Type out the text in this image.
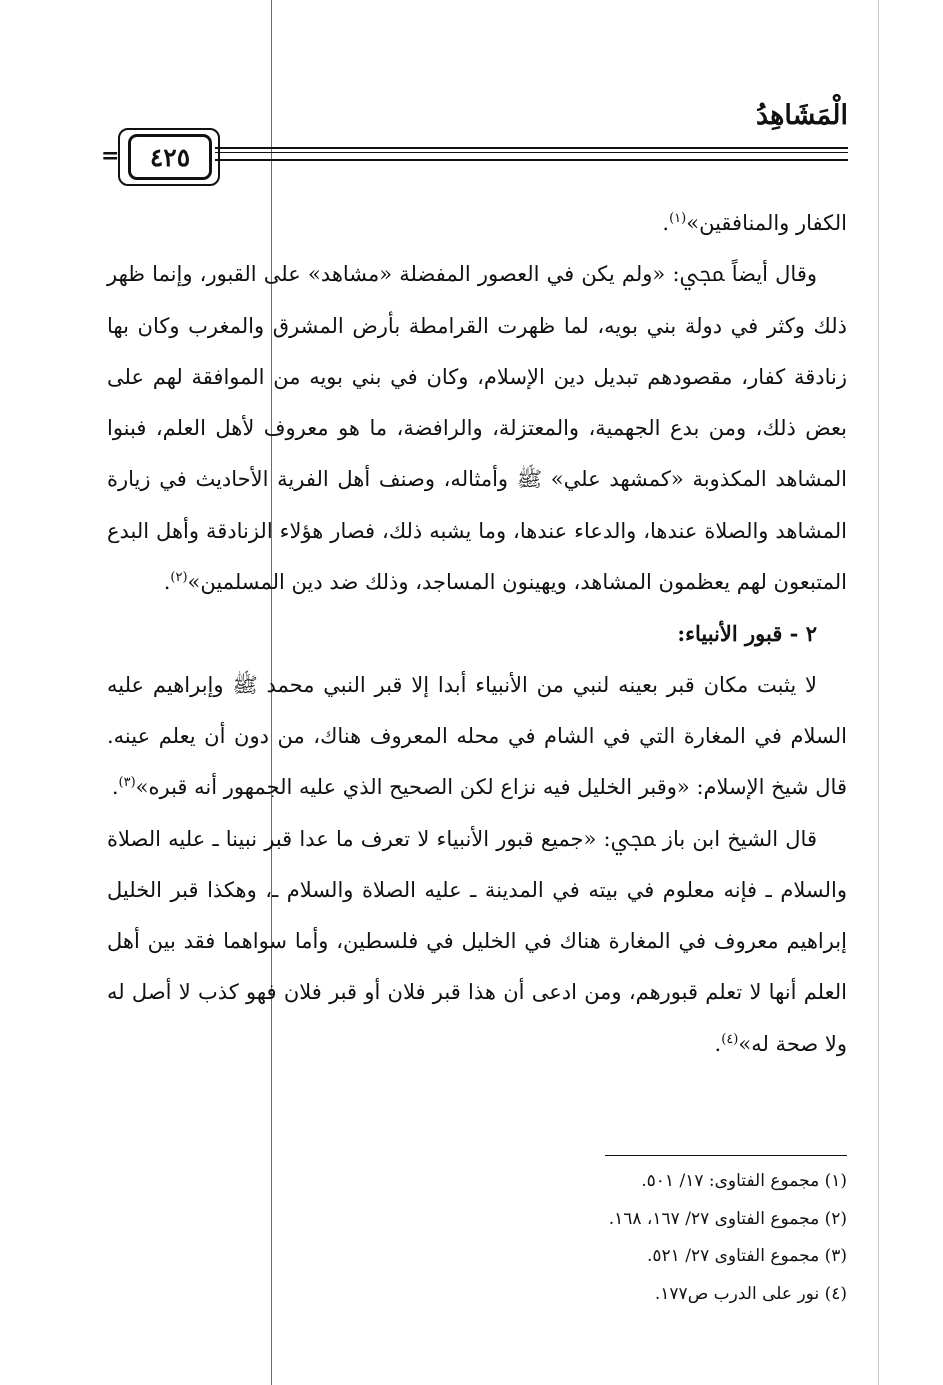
الْمَشَاهِدُ
٤٢٥
=

الكفار والمنافقين»$^{(١)}$.

وقال أيضاً ﷀ: «ولم يكن في العصور المفضلة «مشاهد» على القبور، وإنما ظهر ذلك وكثر في دولة بني بويه، لما ظهرت القرامطة بأرض المشرق والمغرب وكان بها زنادقة كفار، مقصودهم تبديل دين الإسلام، وكان في بني بويه من الموافقة لهم على بعض ذلك، ومن بدع الجهمية، والمعتزلة، والرافضة، ما هو معروف لأهل العلم، فبنوا المشاهد المكذوبة «كمشهد علي» ﷺ وأمثاله، وصنف أهل الفرية الأحاديث في زيارة المشاهد والصلاة عندها، والدعاء عندها، وما يشبه ذلك، فصار هؤلاء الزنادقة وأهل البدع المتبعون لهم يعظمون المشاهد، ويهينون المساجد، وذلك ضد دين المسلمين»$^{(٢)}$.

٢ - قبور الأنبياء:

لا يثبت مكان قبر بعينه لنبي من الأنبياء أبدا إلا قبر النبي محمد ﷺ وإبراهيم عليه السلام في المغارة التي في الشام في محله المعروف هناك، من دون أن يعلم عينه. قال شيخ الإسلام: «وقبر الخليل فيه نزاع لكن الصحيح الذي عليه الجمهور أنه قبره»$^{(٣)}$.

قال الشيخ ابن باز ﷀ: «جميع قبور الأنبياء لا تعرف ما عدا قبر نبينا ـ عليه الصلاة والسلام ـ فإنه معلوم في بيته في المدينة ـ عليه الصلاة والسلام ـ، وهكذا قبر الخليل إبراهيم معروف في المغارة هناك في الخليل في فلسطين، وأما سواهما فقد بين أهل العلم أنها لا تعلم قبورهم، ومن ادعى أن هذا قبر فلان أو قبر فلان فهو كذب لا أصل له ولا صحة له»$^{(٤)}$.

(١) مجموع الفتاوى: ١٧/ ٥٠١.

(٢) مجموع الفتاوى ٢٧/ ١٦٧، ١٦٨.

(٣) مجموع الفتاوى ٢٧/ ٥٢١.

(٤) نور على الدرب ص١٧٧.
